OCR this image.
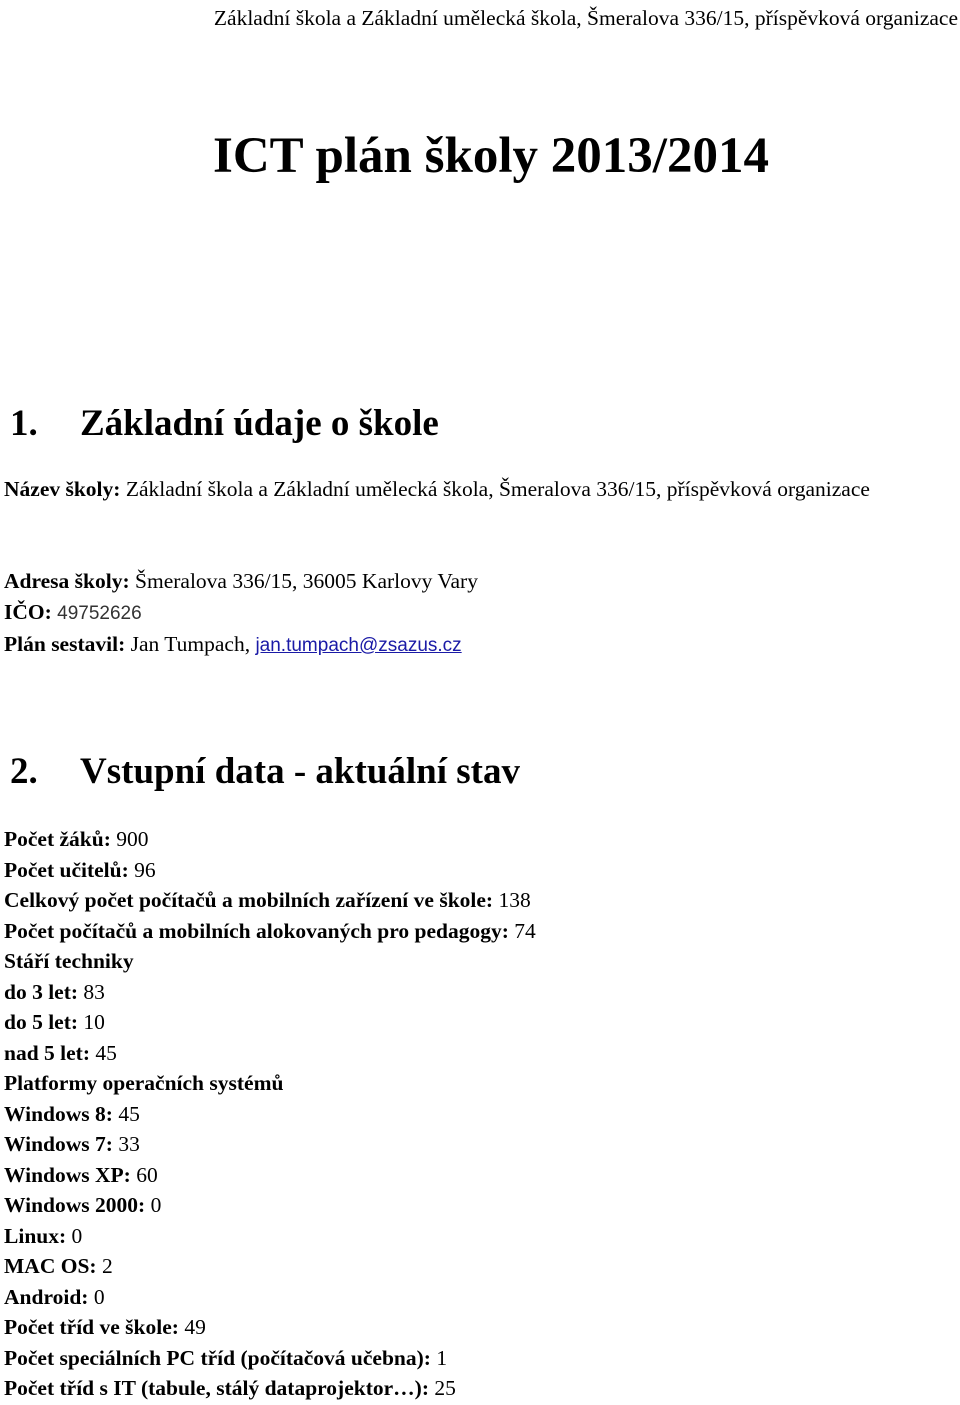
Základní škola a Základní umělecká škola, Šmeralova 336/15, příspěvková organizace
ICT plán školy 2013/2014
1. Základní údaje o škole
Název školy: Základní škola a Základní umělecká škola, Šmeralova 336/15, příspěvková organizace
Adresa školy: Šmeralova 336/15, 36005 Karlovy Vary
IČO: 49752626
Plán sestavil: Jan Tumpach, jan.tumpach@zsazus.cz
2. Vstupní data - aktuální stav
Počet žáků: 900
Počet učitelů: 96
Celkový počet počítačů a mobilních zařízení ve škole: 138
Počet počítačů a mobilních alokovaných pro pedagogy: 74
Stáří techniky
do 3 let: 83
do 5 let: 10
nad 5 let: 45
Platformy operačních systémů
Windows 8: 45
Windows 7: 33
Windows XP: 60
Windows 2000: 0
Linux: 0
MAC OS: 2
Android: 0
Počet tříd ve škole: 49
Počet speciálních PC tříd (počítačová učebna): 1
Počet tříd s IT (tabule, stálý dataprojektor…): 25
